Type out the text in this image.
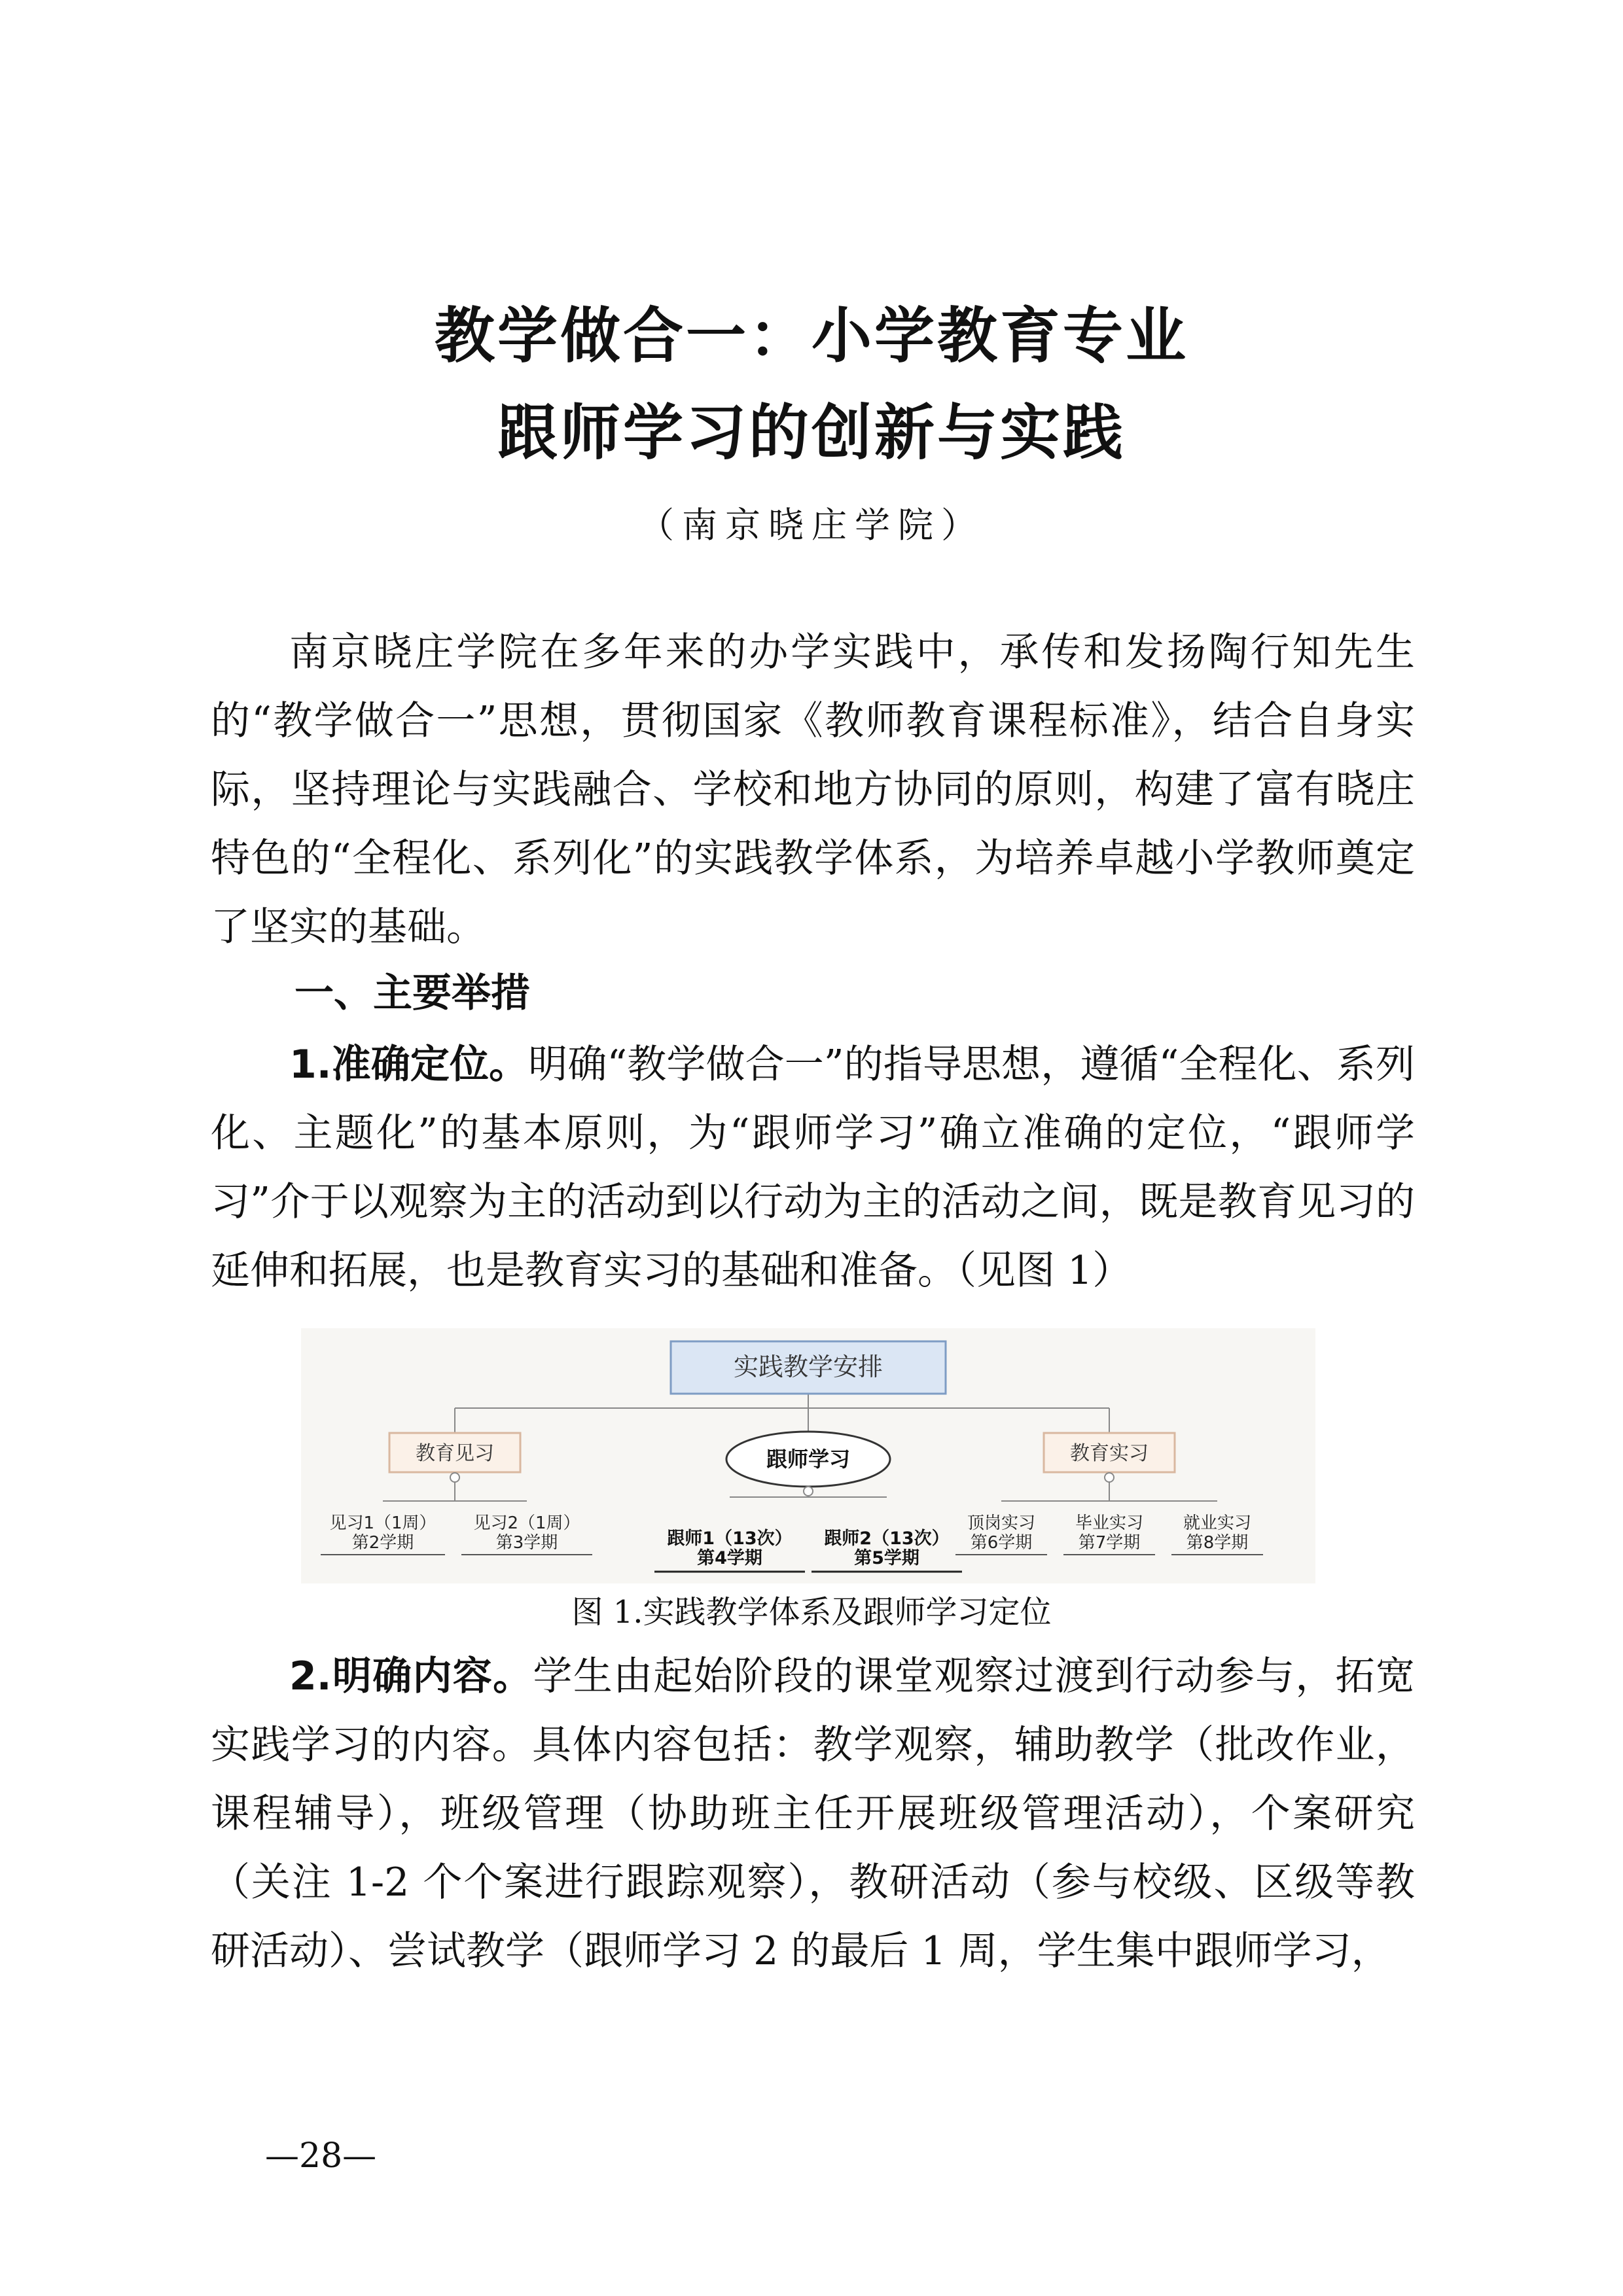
教学做合一：小学教育专业
跟师学习的创新与实践
（南京晓庄学院）

南京晓庄学院在多年来的办学实践中，承传和发扬陶行知先生的“教学做合一”思想，贯彻国家《教师教育课程标准》，结合自身实际，坚持理论与实践融合、学校和地方协同的原则，构建了富有晓庄特色的“全程化、系列化”的实践教学体系，为培养卓越小学教师奠定了坚实的基础。

一、主要举措

1.准确定位。明确“教学做合一”的指导思想，遵循“全程化、系列化、主题化”的基本原则，为“跟师学习”确立准确的定位，“跟师学习”介于以观察为主的活动到以行动为主的活动之间，既是教育见习的延伸和拓展，也是教育实习的基础和准备。（见图 1）

实践教学安排
教育见习	跟师学习	教育实习
见习1（1周）
第2学期
见习2（1周）
第3学期	跟师1（13次）
第4学期
跟师2（13次）
第5学期
顶岗实习
第6学期
毕业实习
第7学期
就业实习
第8学期
图 1.实践教学体系及跟师学习定位

2.明确内容。学生由起始阶段的课堂观察过渡到行动参与，拓宽实践学习的内容。具体内容包括：教学观察，辅助教学（批改作业，课程辅导），班级管理（协助班主任开展班级管理活动），个案研究（关注 1-2 个个案进行跟踪观察），教研活动（参与校级、区级等教研活动）、尝试教学（跟师学习 2 的最后 1 周，学生集中跟师学习，

—28—
